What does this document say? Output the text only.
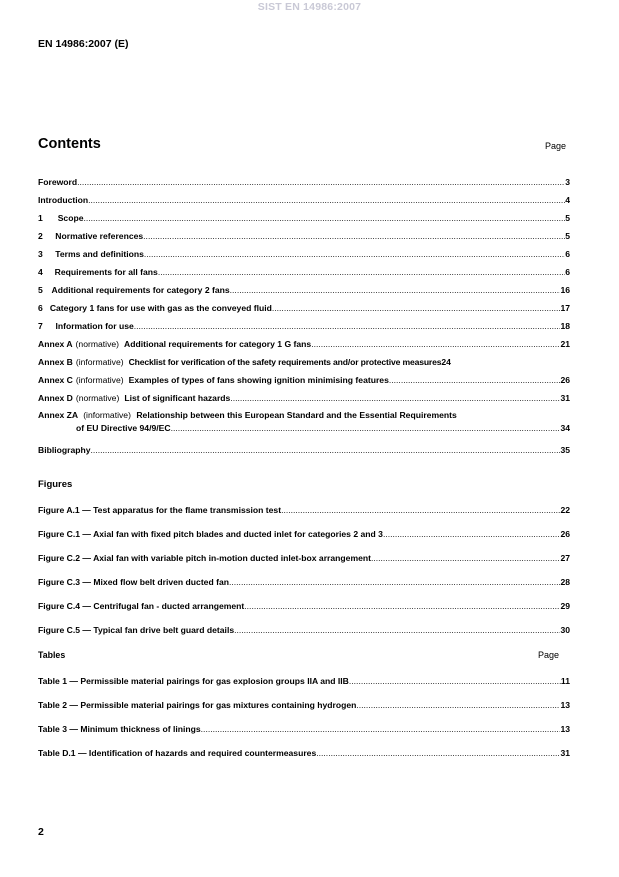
SIST EN 14986:2007
EN 14986:2007 (E)
Contents	Page
Foreword .....	3
Introduction .....	4
1	Scope .....	5
2	Normative references .....	5
3	Terms and definitions .....	6
4	Requirements for all fans .....	6
5	Additional requirements for category 2 fans .....	16
6 Category 1 fans for use with gas as the conveyed fluid .....	17
7	Information for use .....	18
Annex A (normative) Additional requirements for category 1 G fans .....	21
Annex B (informative) Checklist for verification of the safety requirements and/or protective measures 24
Annex C (informative) Examples of types of fans showing ignition minimising features .....	26
Annex D (normative) List of significant hazards .....	31
Annex ZA (informative) Relationship between this European Standard and the Essential Requirements
of EU Directive 94/9/EC .....	34
Bibliography .....	35
Figures
Figure A.1 — Test apparatus for the flame transmission test .....	22
Figure C.1 — Axial fan with fixed pitch blades and ducted inlet for categories 2 and 3 .....	26
Figure C.2 — Axial fan with variable pitch in-motion ducted inlet-box arrangement .....	27
Figure C.3 — Mixed flow belt driven ducted fan .....	28
Figure C.4 — Centrifugal fan - ducted arrangement .....	29
Figure C.5 — Typical fan drive belt guard details .....	30
Tables	Page
Table 1 — Permissible material pairings for gas explosion groups IIA and IIB .....	11
Table 2 — Permissible material pairings for gas mixtures containing hydrogen .....	13
Table 3 — Minimum thickness of linings .....	13
Table D.1 — Identification of hazards and required countermeasures .....	31
2
